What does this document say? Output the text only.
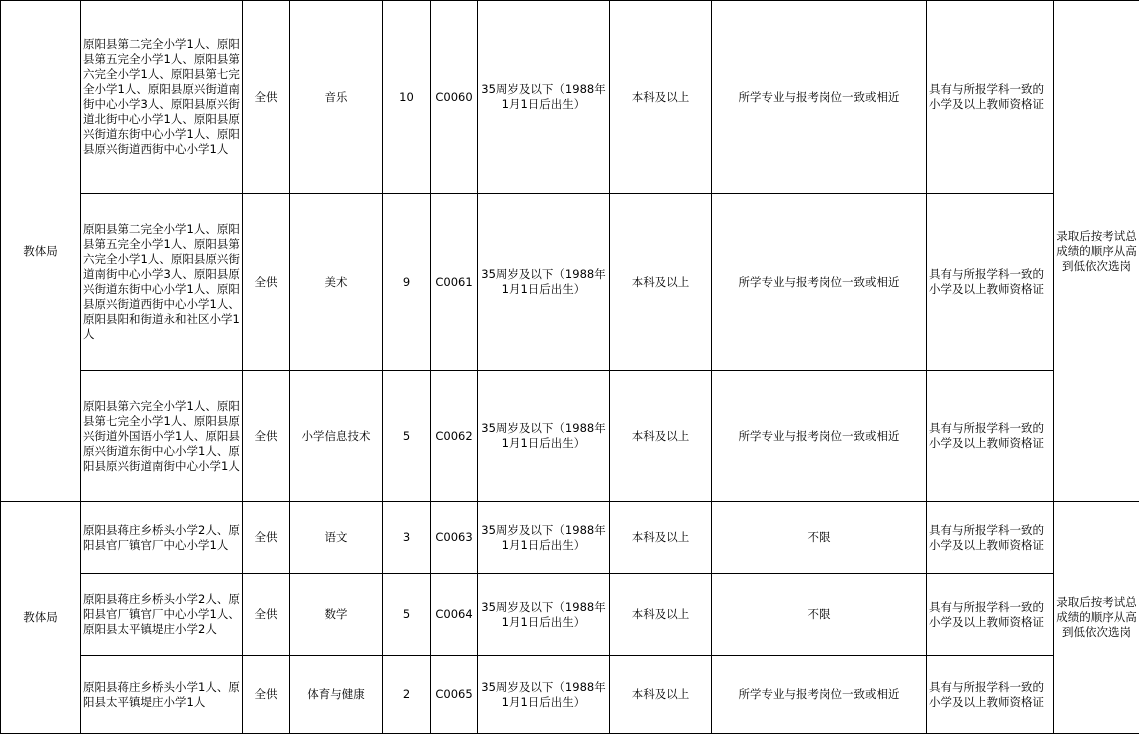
教体局	原阳县第二完全小学1人、原阳县第五完全小学1人、原阳县第六完全小学1人、原阳县第七完全小学1人、原阳县原兴街道南街中心小学3人、原阳县原兴街道北街中心小学1人、原阳县原兴街道东街中心小学1人、原阳县原兴街道西街中心小学1人	全供	音乐	10	C0060	35周岁及以下（1988年1月1日后出生）	本科及以上	所学专业与报考岗位一致或相近	具有与所报学科一致的小学及以上教师资格证	录取后按考试总成绩的顺序从高到低依次选岗
	原阳县第二完全小学1人、原阳县第五完全小学1人、原阳县第六完全小学1人、原阳县原兴街道南街中心小学3人、原阳县原兴街道东街中心小学1人、原阳县原兴街道西街中心小学1人、原阳县阳和街道永和社区小学1人	全供	美术	9	C0061	35周岁及以下（1988年1月1日后出生）	本科及以上	所学专业与报考岗位一致或相近	具有与所报学科一致的小学及以上教师资格证	
	原阳县第六完全小学1人、原阳县第七完全小学1人、原阳县原兴街道外国语小学1人、原阳县原兴街道东街中心小学1人、原阳县原兴街道南街中心小学1人	全供	小学信息技术	5	C0062	35周岁及以下（1988年1月1日后出生）	本科及以上	所学专业与报考岗位一致或相近	具有与所报学科一致的小学及以上教师资格证	
教体局	原阳县蒋庄乡桥头小学2人、原阳县官厂镇官厂中心小学1人	全供	语文	3	C0063	35周岁及以下（1988年1月1日后出生）	本科及以上	不限	具有与所报学科一致的小学及以上教师资格证	录取后按考试总成绩的顺序从高到低依次选岗
	原阳县蒋庄乡桥头小学2人、原阳县官厂镇官厂中心小学1人、原阳县太平镇堤庄小学2人	全供	数学	5	C0064	35周岁及以下（1988年1月1日后出生）	本科及以上	不限	具有与所报学科一致的小学及以上教师资格证	
	原阳县蒋庄乡桥头小学1人、原阳县太平镇堤庄小学1人	全供	体育与健康	2	C0065	35周岁及以下（1988年1月1日后出生）	本科及以上	所学专业与报考岗位一致或相近	具有与所报学科一致的小学及以上教师资格证	
